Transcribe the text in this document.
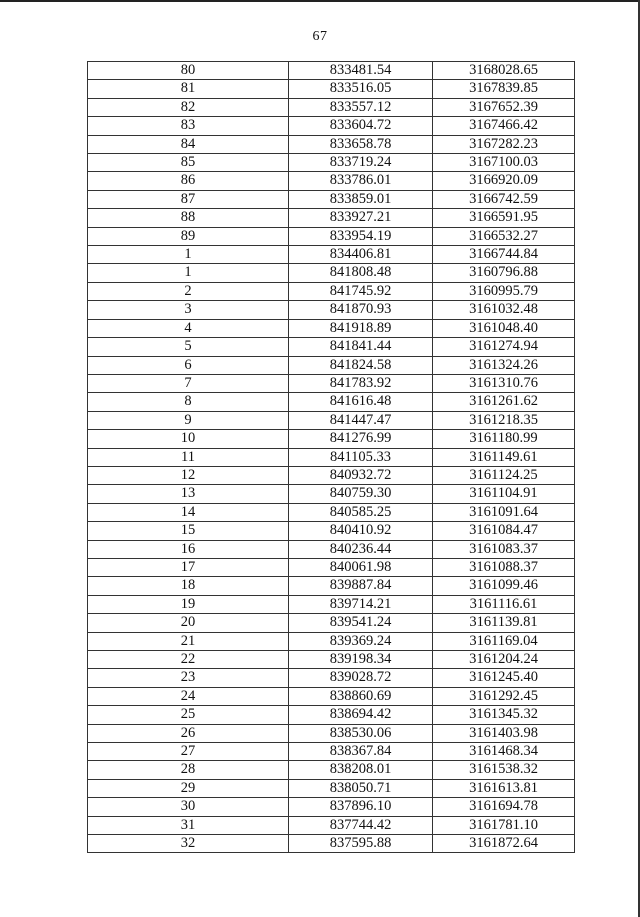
67
80	833481.54	3168028.65
81	833516.05	3167839.85
82	833557.12	3167652.39
83	833604.72	3167466.42
84	833658.78	3167282.23
85	833719.24	3167100.03
86	833786.01	3166920.09
87	833859.01	3166742.59
88	833927.21	3166591.95
89	833954.19	3166532.27
1	834406.81	3166744.84
1	841808.48	3160796.88
2	841745.92	3160995.79
3	841870.93	3161032.48
4	841918.89	3161048.40
5	841841.44	3161274.94
6	841824.58	3161324.26
7	841783.92	3161310.76
8	841616.48	3161261.62
9	841447.47	3161218.35
10	841276.99	3161180.99
11	841105.33	3161149.61
12	840932.72	3161124.25
13	840759.30	3161104.91
14	840585.25	3161091.64
15	840410.92	3161084.47
16	840236.44	3161083.37
17	840061.98	3161088.37
18	839887.84	3161099.46
19	839714.21	3161116.61
20	839541.24	3161139.81
21	839369.24	3161169.04
22	839198.34	3161204.24
23	839028.72	3161245.40
24	838860.69	3161292.45
25	838694.42	3161345.32
26	838530.06	3161403.98
27	838367.84	3161468.34
28	838208.01	3161538.32
29	838050.71	3161613.81
30	837896.10	3161694.78
31	837744.42	3161781.10
32	837595.88	3161872.64
